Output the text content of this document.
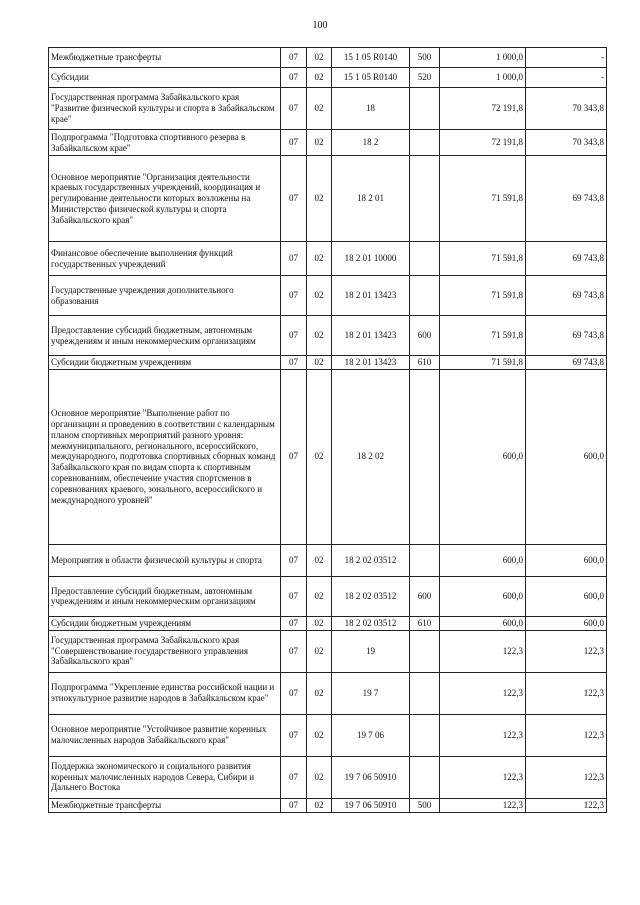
100
Межбюджетные трансферты	07	02	15 1 05 R0140	500	1 000,0	-
Субсидии	07	02	15 1 05 R0140	520	1 000,0	-
Государственная программа Забайкальского края "Развитие физической культуры и спорта в Забайкальском крае"	07	02	18		72 191,8	70 343,8
Подпрограмма "Подготовка спортивного резерва в Забайкальском крае"	07	02	18 2		72 191,8	70 343,8
Основное мероприятие "Организация деятельности краевых государственных учреждений, координация и регулирование деятельности которых возложены на Министерство физической культуры и спорта Забайкальского края"	07	02	18 2 01		71 591,8	69 743,8
Финансовое обеспечение выполнения функций государственных учреждений	07	02	18 2 01 10000		71 591,8	69 743,8
Государственные учреждения дополнительного образования	07	02	18 2 01 13423		71 591,8	69 743,8
Предоставление субсидий бюджетным, автономным учреждениям и иным некоммерческим организациям	07	02	18 2 01 13423	600	71 591,8	69 743,8
Субсидии бюджетным учреждениям	07	02	18 2 01 13423	610	71 591,8	69 743,8
Основное мероприятие "Выполнение работ по организации и проведению в соответствии с календарным планом спортивных мероприятий разного уровня: межмуниципального, регионального, всероссийского, международного, подготовка спортивных сборных команд Забайкальского края по видам спорта к спортивным соревнованиям, обеспечение участия спортсменов в соревнованиях краевого, зонального, всероссийского и международного уровней"	07	02	18 2 02		600,0	600,0
Мероприятия в области физической культуры и спорта	07	02	18 2 02 03512		600,0	600,0
Предоставление субсидий бюджетным, автономным учреждениям и иным некоммерческим организациям	07	02	18 2 02 03512	600	600,0	600,0
Субсидии бюджетным учреждениям	07	02	18 2 02 03512	610	600,0	600,0
Государственная программа Забайкальского края "Совершенствование государственного управления Забайкальского края"	07	02	19		122,3	122,3
Подпрограмма "Укрепление единства российской нации и этнокультурное развитие народов в Забайкальском крае"	07	02	19 7		122,3	122,3
Основное мероприятие "Устойчивое развитие коренных малочисленных народов Забайкальского края"	07	02	19 7 06		122,3	122,3
Поддержка экономического и социального развития коренных малочисленных народов Севера, Сибири и Дальнего Востока	07	02	19 7 06 50910		122,3	122,3
Межбюджетные трансферты	07	02	19 7 06 50910	500	122,3	122,3
